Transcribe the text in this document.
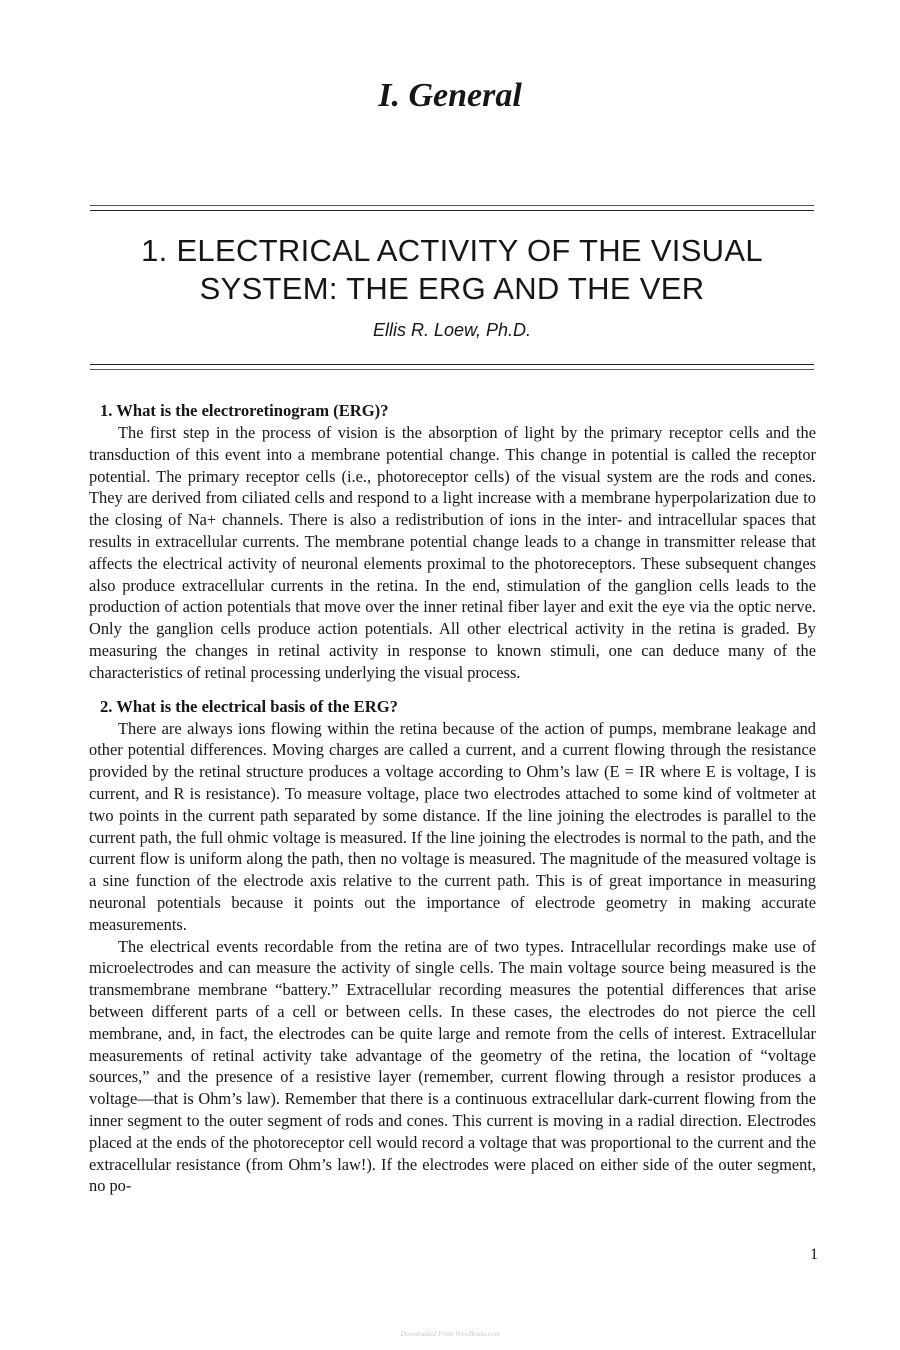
I. General
1. ELECTRICAL ACTIVITY OF THE VISUAL
SYSTEM: THE ERG AND THE VER
Ellis R. Loew, Ph.D.
1. What is the electroretinogram (ERG)?

The first step in the process of vision is the absorption of light by the primary receptor cells and the transduction of this event into a membrane potential change. This change in potential is called the receptor potential. The primary receptor cells (i.e., photoreceptor cells) of the visual system are the rods and cones. They are derived from ciliated cells and respond to a light increase with a membrane hyperpolarization due to the closing of Na+ channels. There is also a redistribution of ions in the inter- and intracellular spaces that results in extracellular currents. The membrane potential change leads to a change in transmitter release that affects the electrical activity of neuronal elements proximal to the photoreceptors. These subsequent changes also produce extracellular currents in the retina. In the end, stimulation of the ganglion cells leads to the production of action potentials that move over the inner retinal fiber layer and exit the eye via the optic nerve. Only the ganglion cells produce action potentials. All other electrical activity in the retina is graded. By measuring the changes in retinal activity in response to known stimuli, one can deduce many of the characteristics of retinal processing underlying the visual process.

2. What is the electrical basis of the ERG?

There are always ions flowing within the retina because of the action of pumps, membrane leakage and other potential differences. Moving charges are called a current, and a current flowing through the resistance provided by the retinal structure produces a voltage according to Ohm’s law (E = IR where E is voltage, I is current, and R is resistance). To measure voltage, place two electrodes attached to some kind of voltmeter at two points in the current path separated by some distance. If the line joining the electrodes is parallel to the current path, the full ohmic voltage is measured. If the line joining the electrodes is normal to the path, and the current flow is uniform along the path, then no voltage is measured. The magnitude of the measured voltage is a sine function of the electrode axis relative to the current path. This is of great importance in measuring neuronal potentials because it points out the importance of electrode geometry in making accurate measurements.

The electrical events recordable from the retina are of two types. Intracellular recordings make use of microelectrodes and can measure the activity of single cells. The main voltage source being measured is the transmembrane membrane “battery.” Extracellular recording measures the potential differences that arise between different parts of a cell or between cells. In these cases, the electrodes do not pierce the cell membrane, and, in fact, the electrodes can be quite large and remote from the cells of interest. Extracellular measurements of retinal activity take advantage of the geometry of the retina, the location of “voltage sources,” and the presence of a resistive layer (remember, current flowing through a resistor produces a voltage—that is Ohm’s law). Remember that there is a continuous extracellular dark-current flowing from the inner segment to the outer segment of rods and cones. This current is moving in a radial direction. Electrodes placed at the ends of the photoreceptor cell would record a voltage that was proportional to the current and the extracellular resistance (from Ohm’s law!). If the electrodes were placed on either side of the outer segment, no po-

1
Downloaded From Vet-eBooks.com
